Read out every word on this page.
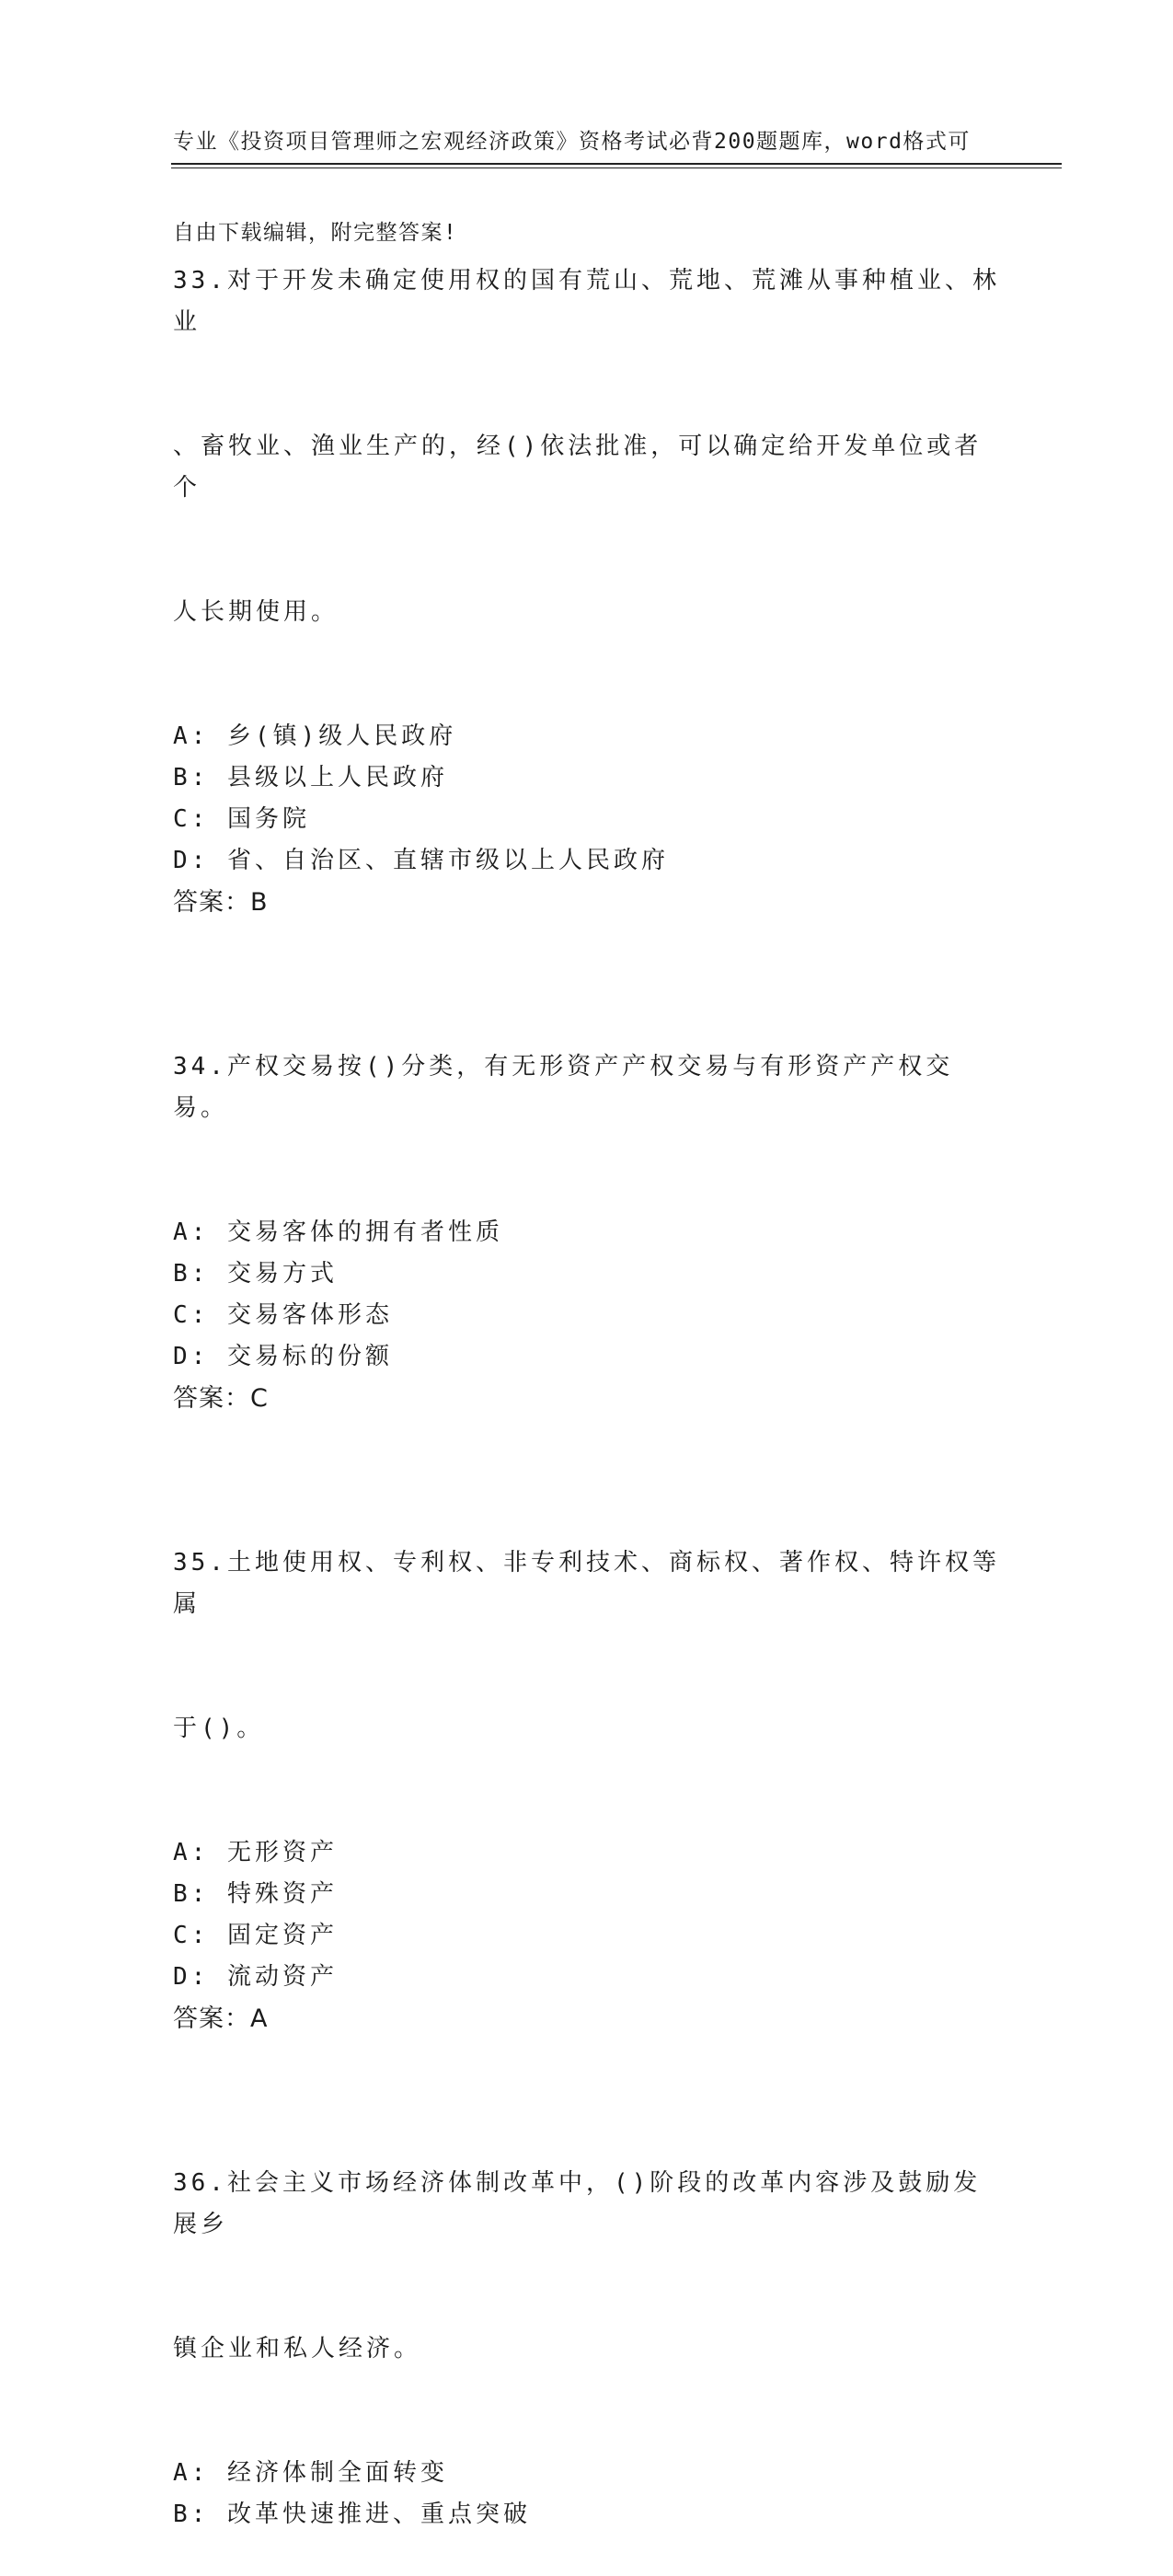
专业《投资项目管理师之宏观经济政策》资格考试必背200题题库，word格式可

自由下载编辑，附完整答案!

33.对于开发未确定使用权的国有荒山、荒地、荒滩从事种植业、林业

、畜牧业、渔业生产的，经()依法批准，可以确定给开发单位或者个

人长期使用。

A: 乡(镇)级人民政府
B: 县级以上人民政府
C: 国务院
D: 省、自治区、直辖市级以上人民政府
答案：B

34.产权交易按()分类，有无形资产产权交易与有形资产产权交易。

A: 交易客体的拥有者性质
B: 交易方式
C: 交易客体形态
D: 交易标的份额
答案：C

35.土地使用权、专利权、非专利技术、商标权、著作权、特许权等属

于()。

A: 无形资产
B: 特殊资产
C: 固定资产
D: 流动资产
答案：A

36.社会主义市场经济体制改革中，()阶段的改革内容涉及鼓励发展乡

镇企业和私人经济。

A: 经济体制全面转变
B: 改革快速推进、重点突破
